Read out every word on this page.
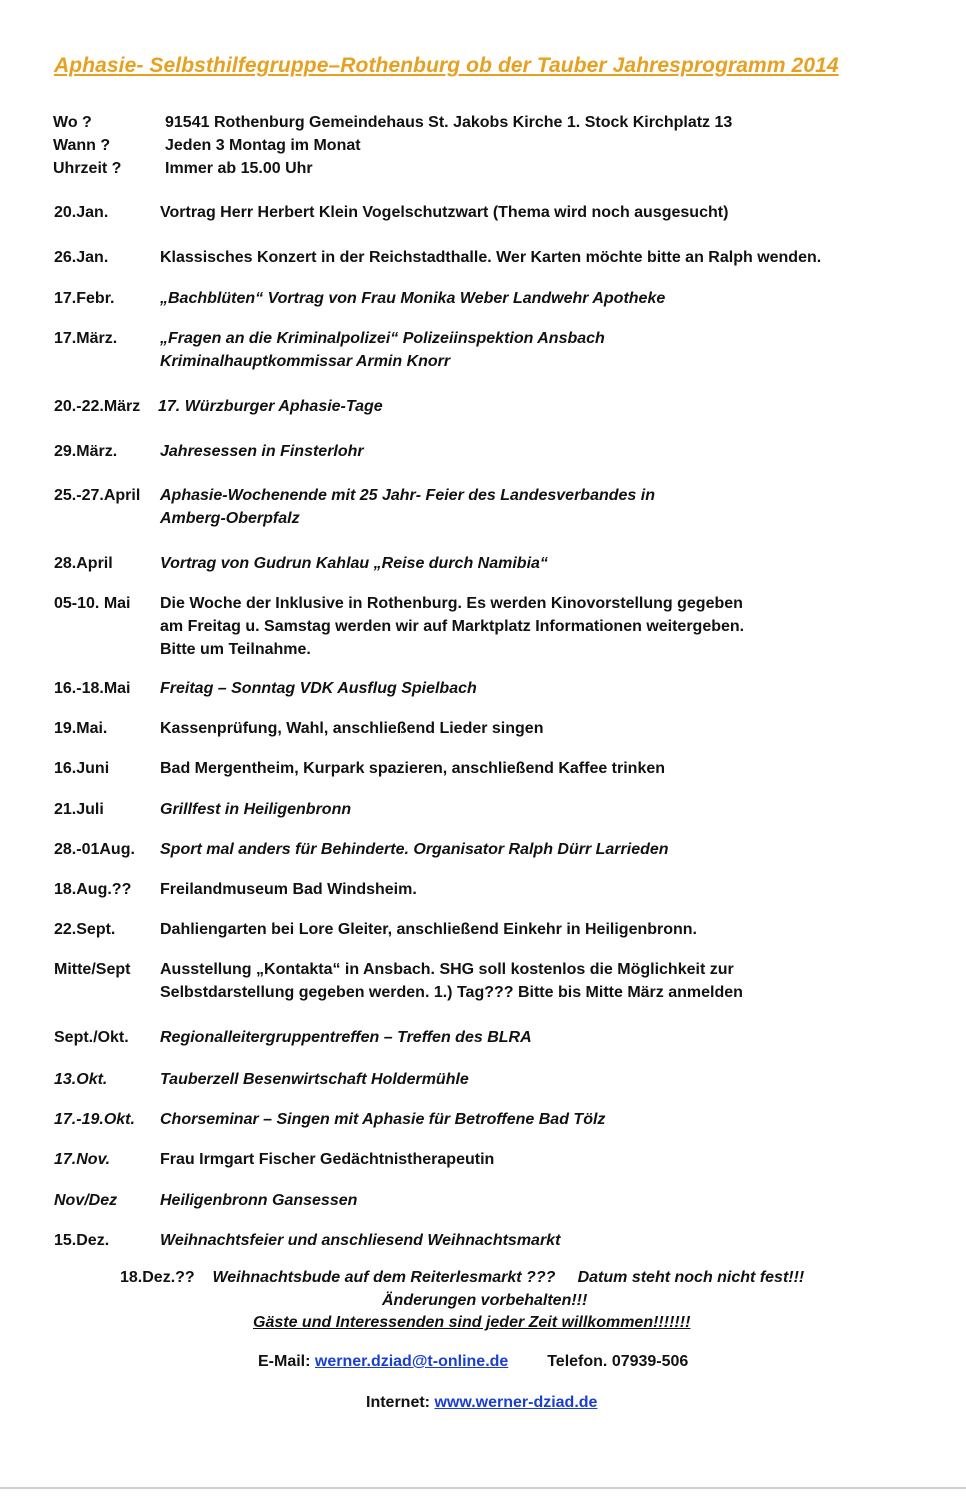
Aphasie- Selbsthilfegruppe–Rothenburg ob der Tauber Jahresprogramm 2014
Wo ?	91541 Rothenburg Gemeindehaus St. Jakobs Kirche 1. Stock Kirchplatz 13
Wann ?	Jeden 3 Montag im Monat
Uhrzeit ?	Immer ab 15.00 Uhr
20.Jan.	Vortrag Herr Herbert Klein Vogelschutzwart (Thema wird noch ausgesucht)
26.Jan.	Klassisches Konzert in der Reichstadthalle. Wer Karten möchte bitte an Ralph wenden.
17.Febr.	„Bachblüten“ Vortrag von Frau Monika Weber Landwehr Apotheke
17.März.	„Fragen an die Kriminalpolizei“ Polizeiinspektion Ansbach
Kriminalhauptkommissar Armin Knorr
20.-22.März 17. Würzburger Aphasie-Tage
29.März.	Jahresessen in Finsterlohr
25.-27.April Aphasie-Wochenende mit 25 Jahr- Feier des Landesverbandes in
Amberg-Oberpfalz
28.April	Vortrag von Gudrun Kahlau „Reise durch Namibia“
05-10. Mai Die Woche der Inklusive in Rothenburg. Es werden Kinovorstellung gegeben
am Freitag u. Samstag werden wir auf Marktplatz Informationen weitergeben.
Bitte um Teilnahme.
16.-18.Mai Freitag – Sonntag VDK Ausflug Spielbach
19.Mai.	Kassenprüfung, Wahl, anschließend Lieder singen
16.Juni	Bad Mergentheim, Kurpark spazieren, anschließend Kaffee trinken
21.Juli	Grillfest in Heiligenbronn
28.-01Aug. Sport mal anders für Behinderte. Organisator Ralph Dürr Larrieden
18.Aug.?? Freilandmuseum Bad Windsheim.
22.Sept.	Dahliengarten bei Lore Gleiter, anschließend Einkehr in Heiligenbronn.
Mitte/Sept Ausstellung „Kontakta“ in Ansbach. SHG soll kostenlos die Möglichkeit zur
Selbstdarstellung gegeben werden. 1.) Tag??? Bitte bis Mitte März anmelden
Sept./Okt. Regionalleitergruppentreffen – Treffen des BLRA
13.Okt.	Tauberzell Besenwirtschaft Holdermühle
17.-19.Okt. Chorseminar – Singen mit Aphasie für Betroffene Bad Tölz
17.Nov.	Frau Irmgart Fischer Gedächtnistherapeutin
Nov/Dez	Heiligenbronn Gansessen
15.Dez.	Weihnachtsfeier und anschliesend Weihnachtsmarkt
18.Dez.?? Weihnachtsbude auf dem Reiterlesmarkt ??? Datum steht noch nicht fest!!!
Änderungen vorbehalten!!!
Gäste und Interessenden sind jeder Zeit willkommen!!!!!!!
E-Mail: werner.dziad@t-online.de Telefon. 07939-506
Internet: www.werner-dziad.de
